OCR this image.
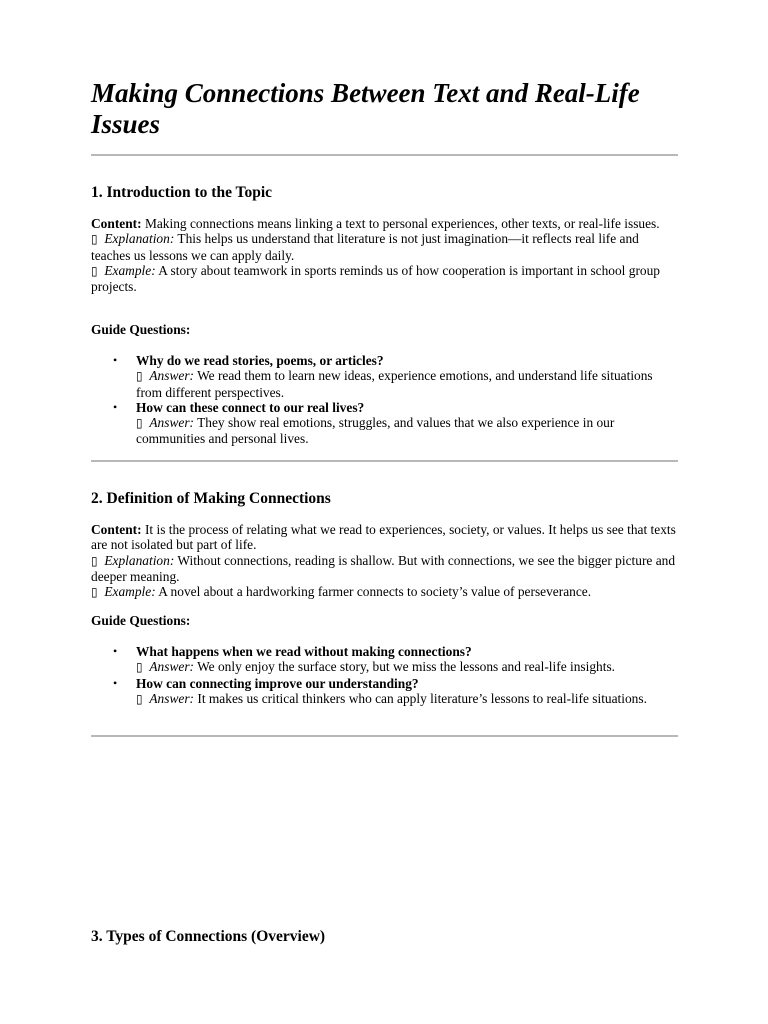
Making Connections Between Text and Real-Life Issues
1. Introduction to the Topic

Content: Making connections means linking a text to personal experiences, other texts, or real-life issues.

▯ Explanation: This helps us understand that literature is not just imagination—it reflects real life and teaches us lessons we can apply daily.

▯ Example: A story about teamwork in sports reminds us of how cooperation is important in school group projects.

Guide Questions:
• Why do we read stories, poems, or articles?
▯ Answer: We read them to learn new ideas, experience emotions, and understand life situations from different perspectives.
• How can these connect to our real lives?
▯ Answer: They show real emotions, struggles, and values that we also experience in our communities and personal lives.
2. Definition of Making Connections

Content: It is the process of relating what we read to experiences, society, or values. It helps us see that texts are not isolated but part of life.

▯ Explanation: Without connections, reading is shallow. But with connections, we see the bigger picture and deeper meaning.

▯ Example: A novel about a hardworking farmer connects to society’s value of perseverance.

Guide Questions:
• What happens when we read without making connections?
▯ Answer: We only enjoy the surface story, but we miss the lessons and real-life insights.
• How can connecting improve our understanding?
▯ Answer: It makes us critical thinkers who can apply literature’s lessons to real-life situations.
3. Types of Connections (Overview)
